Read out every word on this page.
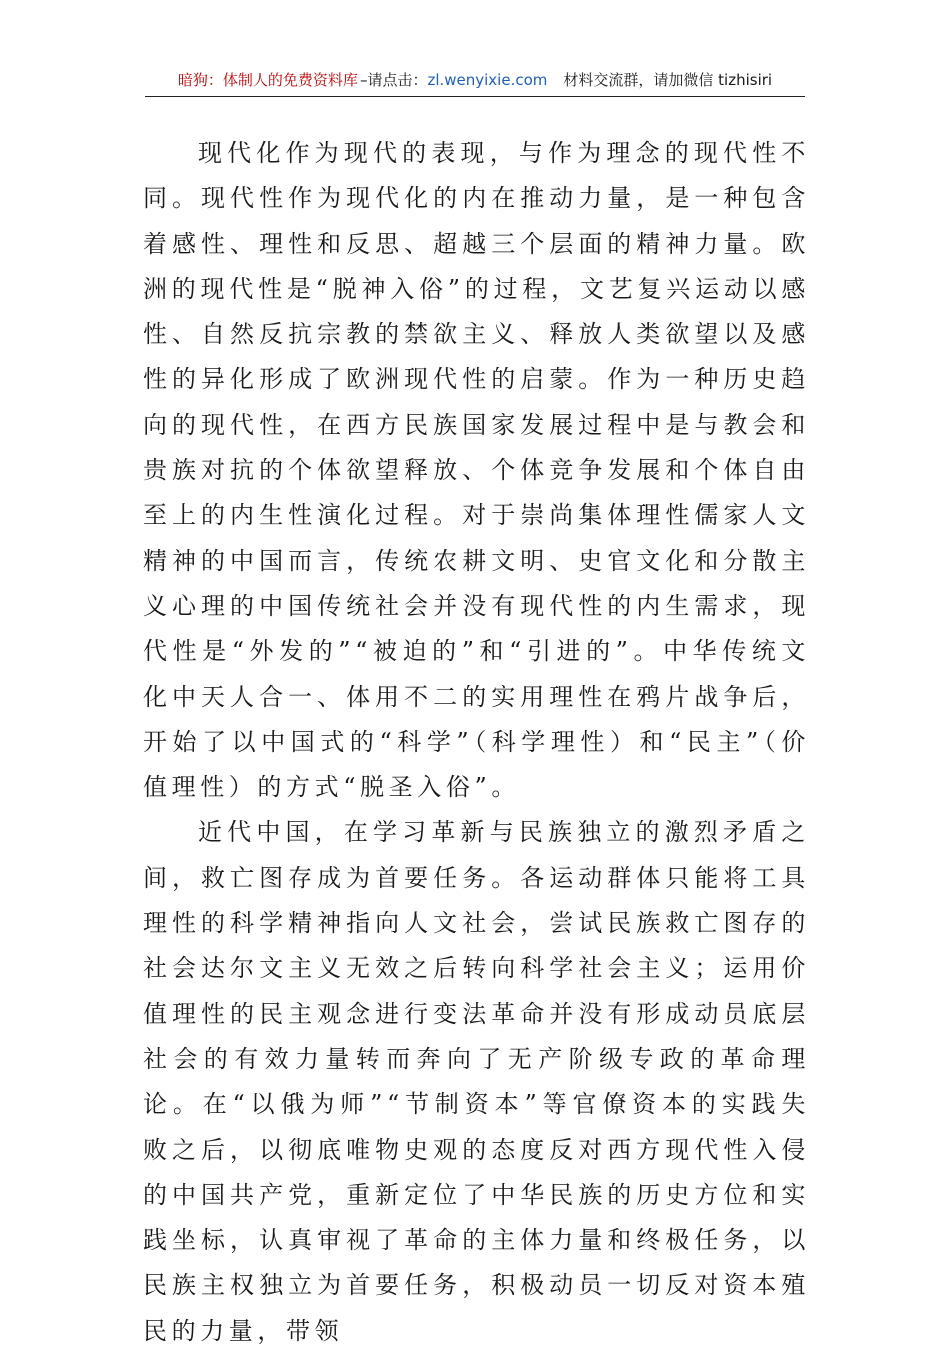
暗狗：体制人的免费资料库 –请点击：zl.wenyixie.com 材料交流群，请加微信 tizhisiri

现代化作为现代的表现，与作为理念的现代性不同。现代性作为现代化的内在推动力量，是一种包含着感性、理性和反思、超越三个层面的精神力量。欧洲的现代性是“脱神入俗”的过程，文艺复兴运动以感性、自然反抗宗教的禁欲主义、释放人类欲望以及感性的异化形成了欧洲现代性的启蒙。作为一种历史趋向的现代性，在西方民族国家发展过程中是与教会和贵族对抗的个体欲望释放、个体竞争发展和个体自由至上的内生性演化过程。对于崇尚集体理性儒家人文精神的中国而言，传统农耕文明、史官文化和分散主义心理的中国传统社会并没有现代性的内生需求，现代性是“外发的”“被迫的”和“引进的”。中华传统文化中天人合一、体用不二的实用理性在鸦片战争后，开始了以中国式的“科学”（科学理性）和“民主”（价值理性）的方式“脱圣入俗”。

近代中国，在学习革新与民族独立的激烈矛盾之间，救亡图存成为首要任务。各运动群体只能将工具理性的科学精神指向人文社会，尝试民族救亡图存的社会达尔文主义无效之后转向科学社会主义；运用价值理性的民主观念进行变法革命并没有形成动员底层社会的有效力量转而奔向了无产阶级专政的革命理论。在“以俄为师”“节制资本”等官僚资本的实践失败之后，以彻底唯物史观的态度反对西方现代性入侵的中国共产党，重新定位了中华民族的历史方位和实践坐标，认真审视了革命的主体力量和终极任务，以民族主权独立为首要任务，积极动员一切反对资本殖民的力量，带领
